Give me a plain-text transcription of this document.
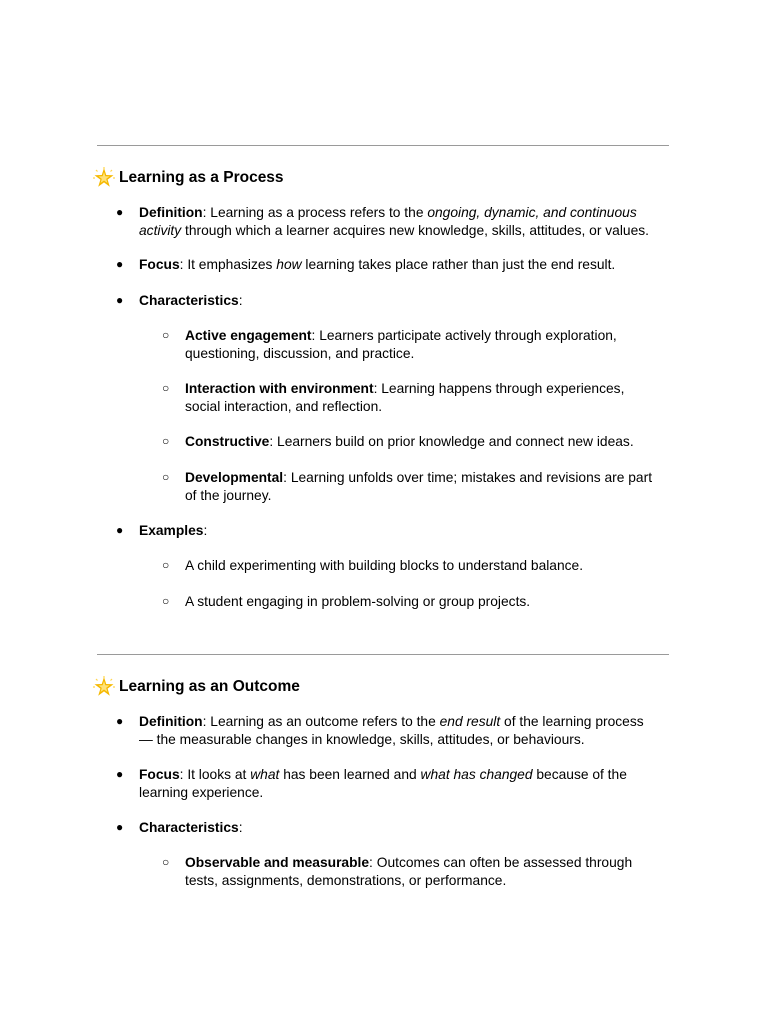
Learning as a Process
● Definition: Learning as a process refers to the ongoing, dynamic, and continuous
activity through which a learner acquires new knowledge, skills, attitudes, or values.
● Focus: It emphasizes how learning takes place rather than just the end result.
● Characteristics:
○ Active engagement: Learners participate actively through exploration,
questioning, discussion, and practice.
○ Interaction with environment: Learning happens through experiences,
social interaction, and reflection.
○ Constructive: Learners build on prior knowledge and connect new ideas.
○ Developmental: Learning unfolds over time; mistakes and revisions are part
of the journey.
● Examples:
○ A child experimenting with building blocks to understand balance.
○ A student engaging in problem-solving or group projects.
Learning as an Outcome
● Definition: Learning as an outcome refers to the end result of the learning process
— the measurable changes in knowledge, skills, attitudes, or behaviours.
● Focus: It looks at what has been learned and what has changed because of the
learning experience.
● Characteristics:
○ Observable and measurable: Outcomes can often be assessed through
tests, assignments, demonstrations, or performance.
